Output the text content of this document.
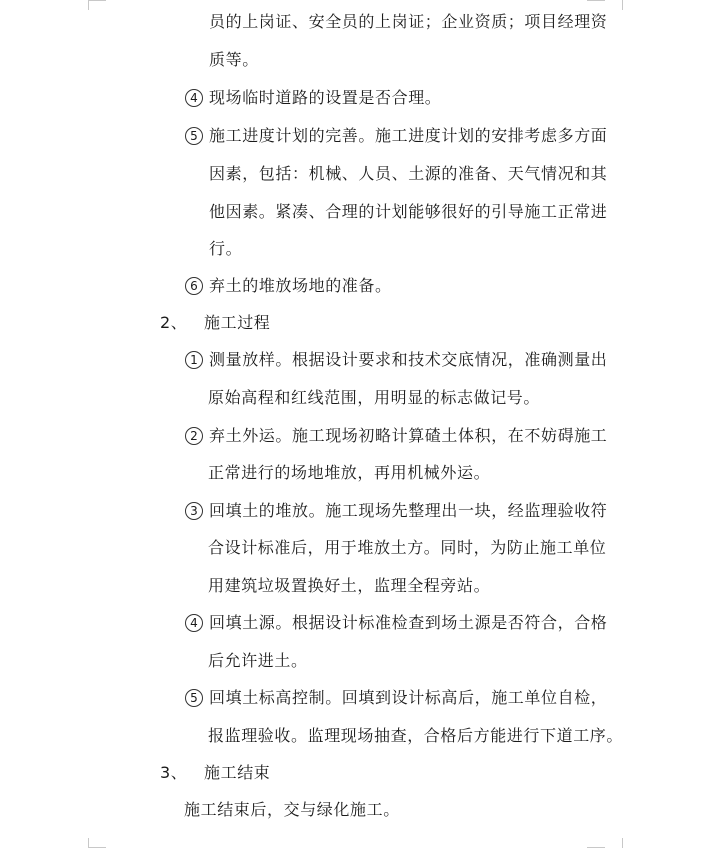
员的上岗证、安全员的上岗证；企业资质；项目经理资
质等。
4 现场临时道路的设置是否合理。
5 施工进度计划的完善。施工进度计划的安排考虑多方面
因素，包括：机械、人员、土源的准备、天气情况和其
他因素。紧凑、合理的计划能够很好的引导施工正常进
行。
6 弃土的堆放场地的准备。
2、 施工过程
1 测量放样。根据设计要求和技术交底情况，准确测量出
原始高程和红线范围，用明显的标志做记号。
2 弃土外运。施工现场初略计算碴土体积，在不妨碍施工
正常进行的场地堆放，再用机械外运。
3 回填土的堆放。施工现场先整理出一块，经监理验收符
合设计标准后，用于堆放土方。同时，为防止施工单位
用建筑垃圾置换好土，监理全程旁站。
4 回填土源。根据设计标准检查到场土源是否符合，合格
后允许进土。
5 回填土标高控制。回填到设计标高后，施工单位自检，
报监理验收。监理现场抽查，合格后方能进行下道工序。
3、 施工结束
施工结束后，交与绿化施工。
